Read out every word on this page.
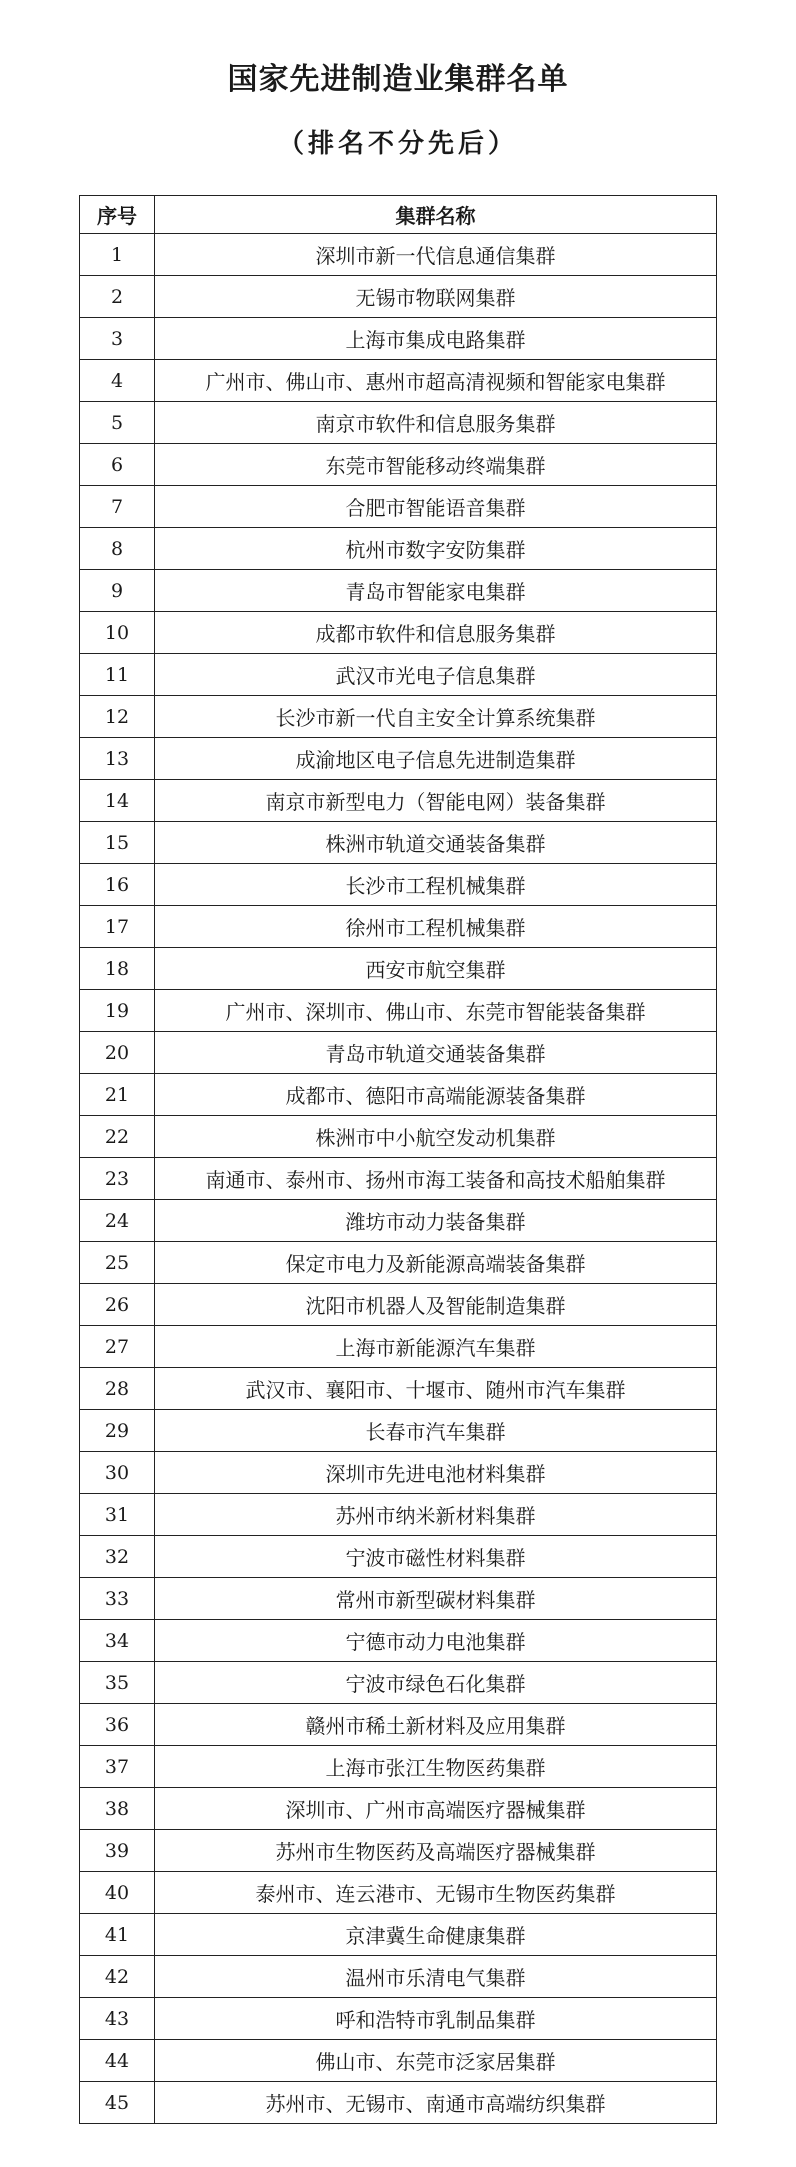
国家先进制造业集群名单
（排名不分先后）
序号	集群名称
1	深圳市新一代信息通信集群
2	无锡市物联网集群
3	上海市集成电路集群
4	广州市、佛山市、惠州市超高清视频和智能家电集群
5	南京市软件和信息服务集群
6	东莞市智能移动终端集群
7	合肥市智能语音集群
8	杭州市数字安防集群
9	青岛市智能家电集群
10	成都市软件和信息服务集群
11	武汉市光电子信息集群
12	长沙市新一代自主安全计算系统集群
13	成渝地区电子信息先进制造集群
14	南京市新型电力（智能电网）装备集群
15	株洲市轨道交通装备集群
16	长沙市工程机械集群
17	徐州市工程机械集群
18	西安市航空集群
19	广州市、深圳市、佛山市、东莞市智能装备集群
20	青岛市轨道交通装备集群
21	成都市、德阳市高端能源装备集群
22	株洲市中小航空发动机集群
23	南通市、泰州市、扬州市海工装备和高技术船舶集群
24	潍坊市动力装备集群
25	保定市电力及新能源高端装备集群
26	沈阳市机器人及智能制造集群
27	上海市新能源汽车集群
28	武汉市、襄阳市、十堰市、随州市汽车集群
29	长春市汽车集群
30	深圳市先进电池材料集群
31	苏州市纳米新材料集群
32	宁波市磁性材料集群
33	常州市新型碳材料集群
34	宁德市动力电池集群
35	宁波市绿色石化集群
36	赣州市稀土新材料及应用集群
37	上海市张江生物医药集群
38	深圳市、广州市高端医疗器械集群
39	苏州市生物医药及高端医疗器械集群
40	泰州市、连云港市、无锡市生物医药集群
41	京津冀生命健康集群
42	温州市乐清电气集群
43	呼和浩特市乳制品集群
44	佛山市、东莞市泛家居集群
45	苏州市、无锡市、南通市高端纺织集群
